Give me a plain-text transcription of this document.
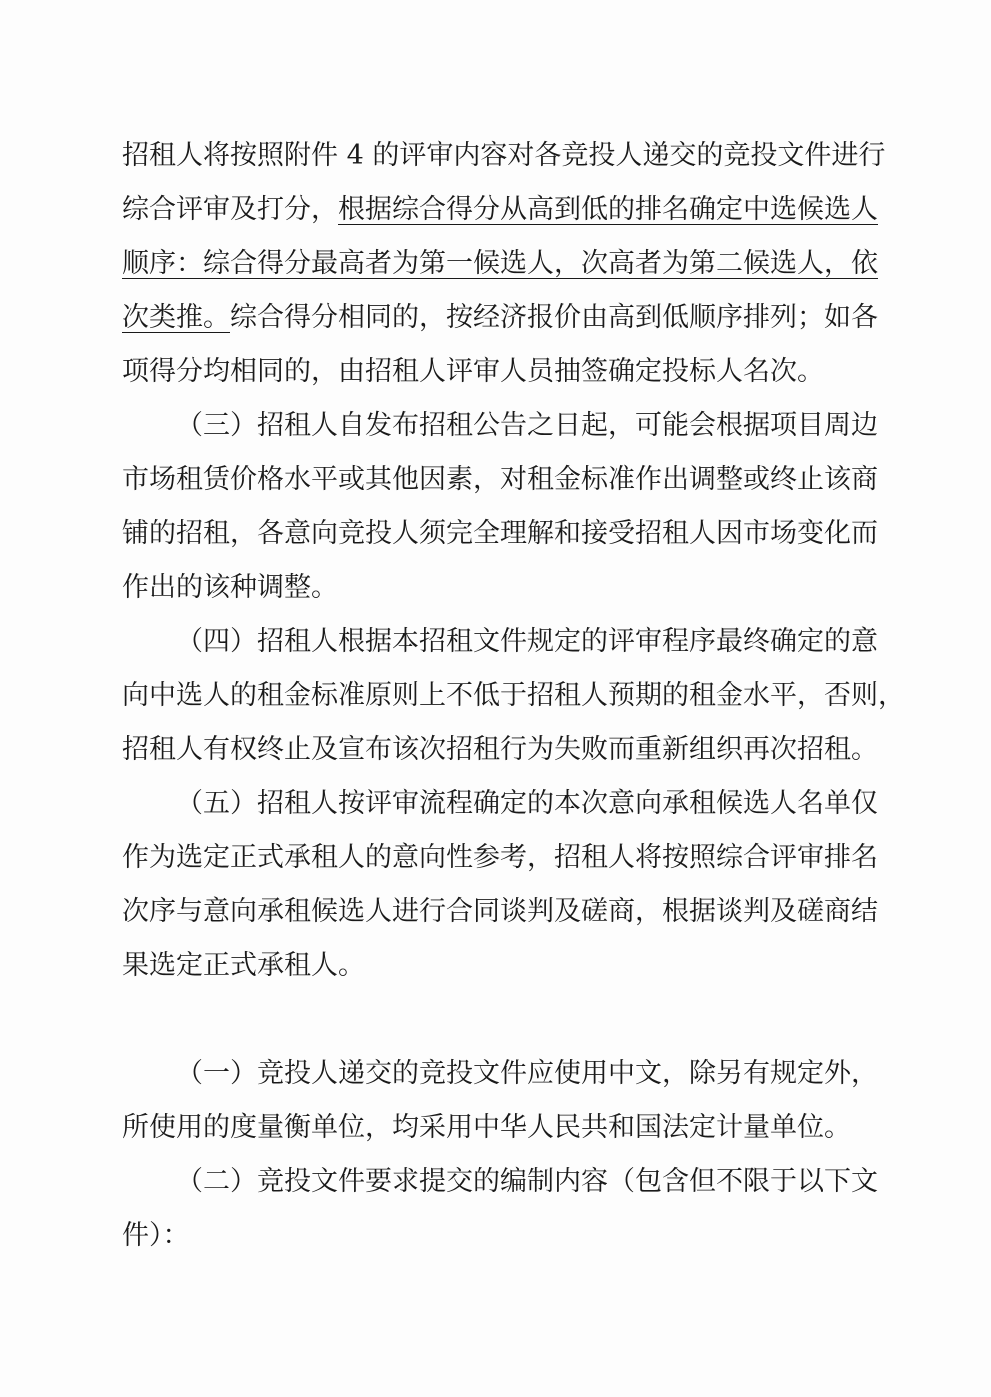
招租人将按照附件 4 的评审内容对各竞投人递交的竞投文件进行
综合评审及打分，根据综合得分从高到低的排名确定中选候选人
顺序：综合得分最高者为第一候选人，次高者为第二候选人，依
次类推。综合得分相同的，按经济报价由高到低顺序排列；如各
项得分均相同的，由招租人评审人员抽签确定投标人名次。
（三）招租人自发布招租公告之日起，可能会根据项目周边
市场租赁价格水平或其他因素，对租金标准作出调整或终止该商
铺的招租，各意向竞投人须完全理解和接受招租人因市场变化而
作出的该种调整。
（四）招租人根据本招租文件规定的评审程序最终确定的意
向中选人的租金标准原则上不低于招租人预期的租金水平，否则，
招租人有权终止及宣布该次招租行为失败而重新组织再次招租。
（五）招租人按评审流程确定的本次意向承租候选人名单仅
作为选定正式承租人的意向性参考，招租人将按照综合评审排名
次序与意向承租候选人进行合同谈判及磋商，根据谈判及磋商结
果选定正式承租人。
（一）竞投人递交的竞投文件应使用中文，除另有规定外，
所使用的度量衡单位，均采用中华人民共和国法定计量单位。
（二）竞投文件要求提交的编制内容（包含但不限于以下文
件）：
